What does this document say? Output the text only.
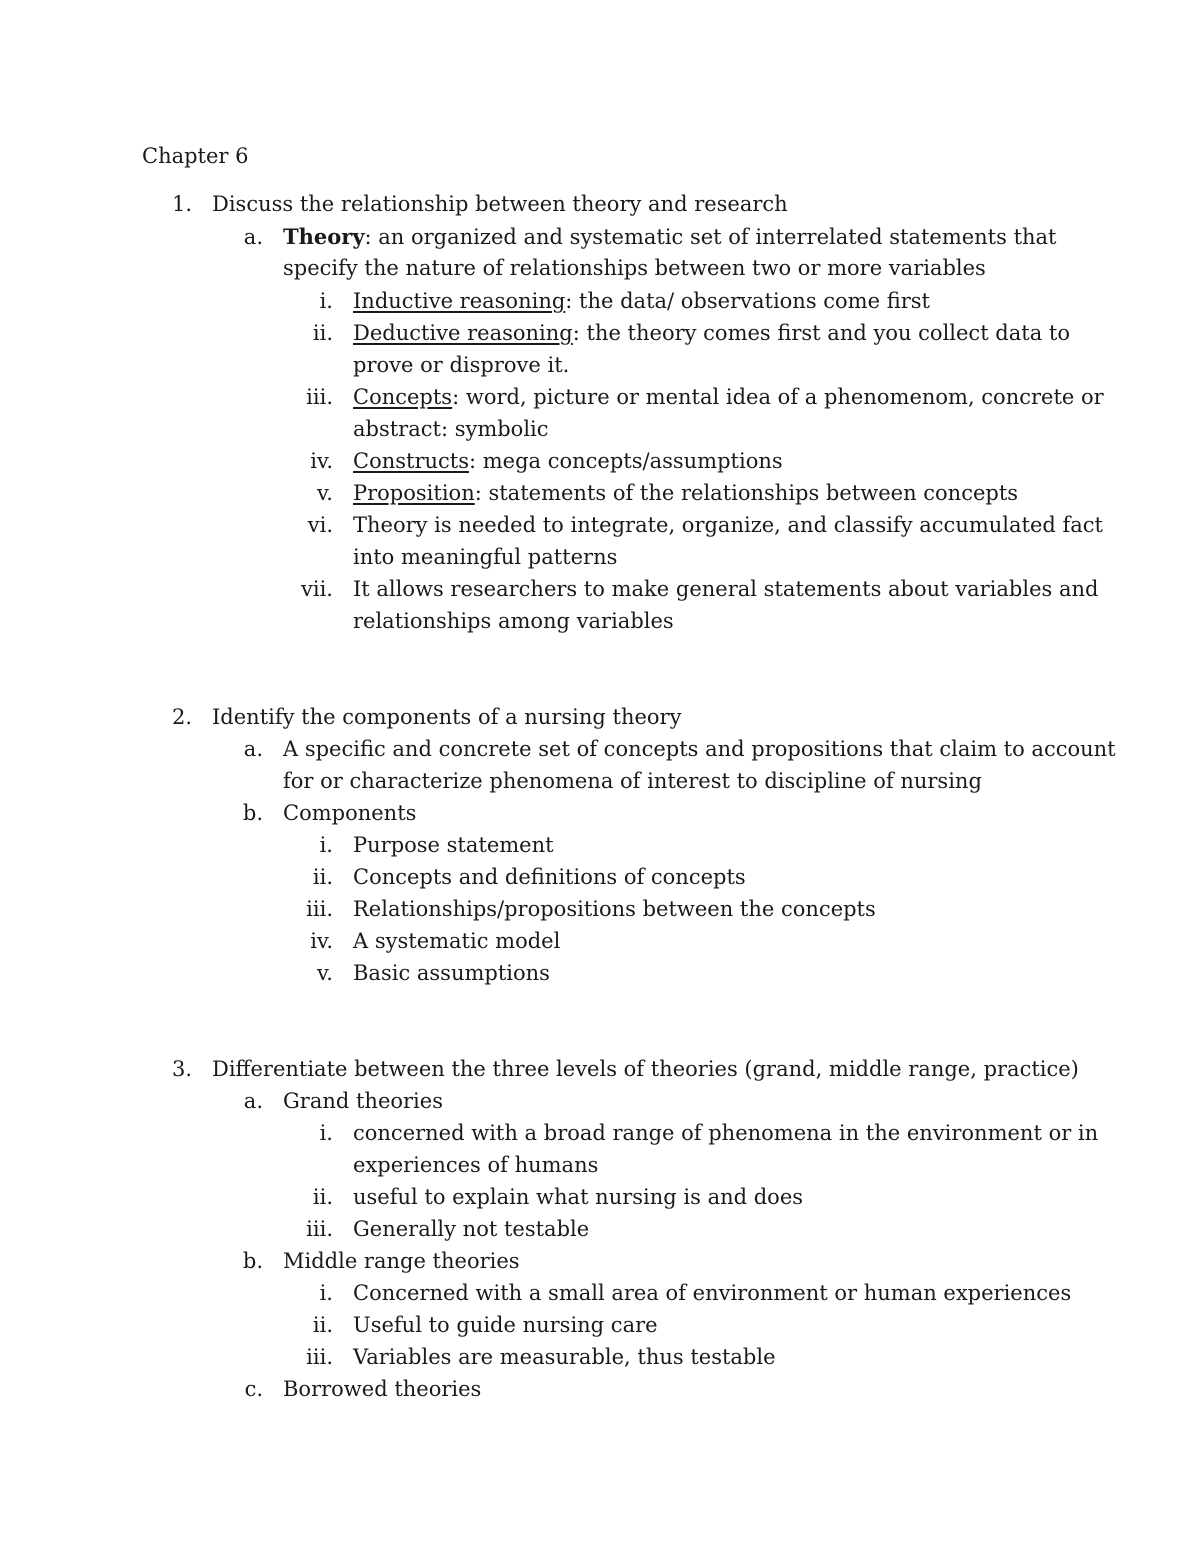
Chapter 6
1. Discuss the relationship between theory and research
a. Theory: an organized and systematic set of interrelated statements that
specify the nature of relationships between two or more variables
i. Inductive reasoning: the data/ observations come first
ii. Deductive reasoning: the theory comes first and you collect data to
prove or disprove it.
iii. Concepts: word, picture or mental idea of a phenomenom, concrete or
abstract: symbolic
iv. Constructs: mega concepts/assumptions
v. Proposition: statements of the relationships between concepts
vi. Theory is needed to integrate, organize, and classify accumulated fact
into meaningful patterns
vii. It allows researchers to make general statements about variables and
relationships among variables
2. Identify the components of a nursing theory
a. A specific and concrete set of concepts and propositions that claim to account
for or characterize phenomena of interest to discipline of nursing
b. Components
i. Purpose statement
ii. Concepts and definitions of concepts
iii. Relationships/propositions between the concepts
iv. A systematic model
v. Basic assumptions
3. Differentiate between the three levels of theories (grand, middle range, practice)
a. Grand theories
i. concerned with a broad range of phenomena in the environment or in
experiences of humans
ii. useful to explain what nursing is and does
iii. Generally not testable
b. Middle range theories
i. Concerned with a small area of environment or human experiences
ii. Useful to guide nursing care
iii. Variables are measurable, thus testable
c. Borrowed theories
